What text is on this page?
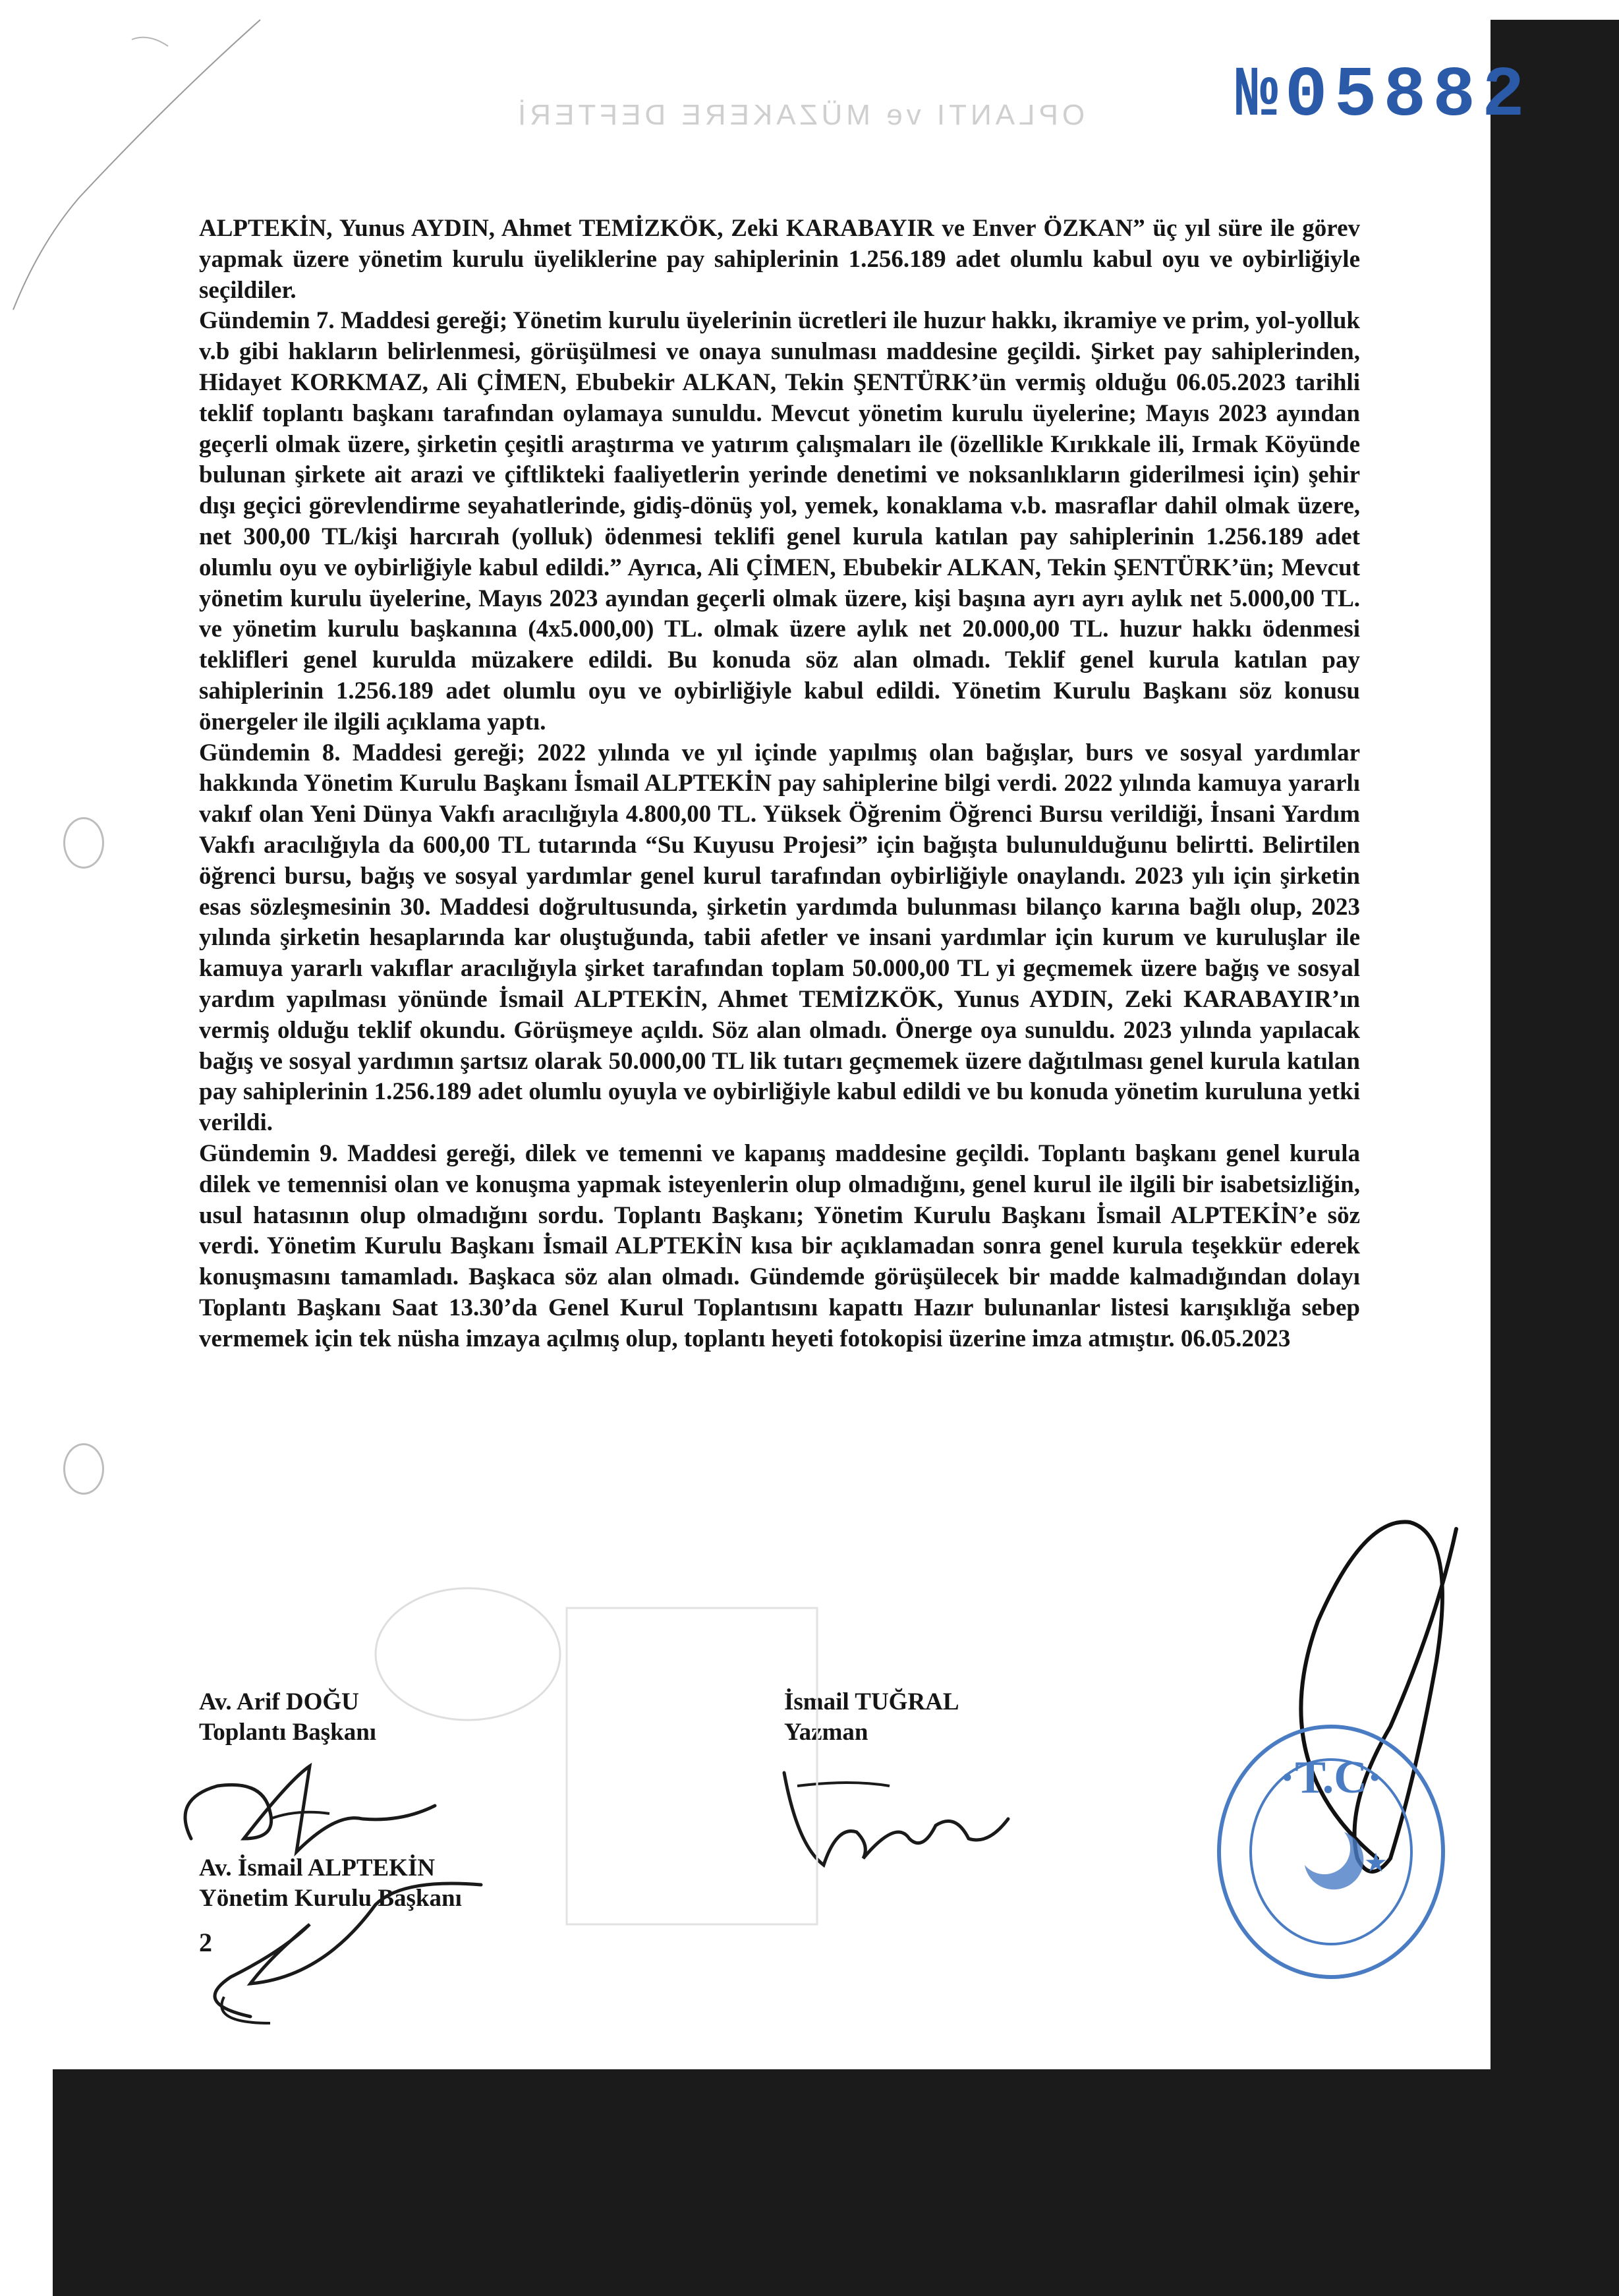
OPLANTI ve MÜZAKERE DEFTERİ №05882

ALPTEKİN, Yunus AYDIN, Ahmet TEMİZKÖK, Zeki KARABAYIR ve Enver ÖZKAN” üç yıl süre ile görev yapmak üzere yönetim kurulu üyeliklerine pay sahiplerinin 1.256.189 adet olumlu kabul oyu ve oybirliğiyle seçildiler.

Gündemin 7. Maddesi gereği; Yönetim kurulu üyelerinin ücretleri ile huzur hakkı, ikramiye ve prim, yol-yolluk v.b gibi hakların belirlenmesi, görüşülmesi ve onaya sunulması maddesine geçildi. Şirket pay sahiplerinden, Hidayet KORKMAZ, Ali ÇİMEN, Ebubekir ALKAN, Tekin ŞENTÜRK’ün vermiş olduğu 06.05.2023 tarihli teklif toplantı başkanı tarafından oylamaya sunuldu. Mevcut yönetim kurulu üyelerine; Mayıs 2023 ayından geçerli olmak üzere, şirketin çeşitli araştırma ve yatırım çalışmaları ile (özellikle Kırıkkale ili, Irmak Köyünde bulunan şirkete ait arazi ve çiftlikteki faaliyetlerin yerinde denetimi ve noksanlıkların giderilmesi için) şehir dışı geçici görevlendirme seyahatlerinde, gidiş-dönüş yol, yemek, konaklama v.b. masraflar dahil olmak üzere, net 300,00 TL/kişi harcırah (yolluk) ödenmesi teklifi genel kurula katılan pay sahiplerinin 1.256.189 adet olumlu oyu ve oybirliğiyle kabul edildi.” Ayrıca, Ali ÇİMEN, Ebubekir ALKAN, Tekin ŞENTÜRK’ün; Mevcut yönetim kurulu üyelerine, Mayıs 2023 ayından geçerli olmak üzere, kişi başına ayrı ayrı aylık net 5.000,00 TL. ve yönetim kurulu başkanına (4x5.000,00) TL. olmak üzere aylık net 20.000,00 TL. huzur hakkı ödenmesi teklifleri genel kurulda müzakere edildi. Bu konuda söz alan olmadı. Teklif genel kurula katılan pay sahiplerinin 1.256.189 adet olumlu oyu ve oybirliğiyle kabul edildi. Yönetim Kurulu Başkanı söz konusu önergeler ile ilgili açıklama yaptı.

Gündemin 8. Maddesi gereği; 2022 yılında ve yıl içinde yapılmış olan bağışlar, burs ve sosyal yardımlar hakkında Yönetim Kurulu Başkanı İsmail ALPTEKİN pay sahiplerine bilgi verdi. 2022 yılında kamuya yararlı vakıf olan Yeni Dünya Vakfı aracılığıyla 4.800,00 TL. Yüksek Öğrenim Öğrenci Bursu verildiği, İnsani Yardım Vakfı aracılığıyla da 600,00 TL tutarında “Su Kuyusu Projesi” için bağışta bulunulduğunu belirtti. Belirtilen öğrenci bursu, bağış ve sosyal yardımlar genel kurul tarafından oybirliğiyle onaylandı. 2023 yılı için şirketin esas sözleşmesinin 30. Maddesi doğrultusunda, şirketin yardımda bulunması bilanço karına bağlı olup, 2023 yılında şirketin hesaplarında kar oluştuğunda, tabii afetler ve insani yardımlar için kurum ve kuruluşlar ile kamuya yararlı vakıflar aracılığıyla şirket tarafından toplam 50.000,00 TL yi geçmemek üzere bağış ve sosyal yardım yapılması yönünde İsmail ALPTEKİN, Ahmet TEMİZKÖK, Yunus AYDIN, Zeki KARABAYIR’ın vermiş olduğu teklif okundu. Görüşmeye açıldı. Söz alan olmadı. Önerge oya sunuldu. 2023 yılında yapılacak bağış ve sosyal yardımın şartsız olarak 50.000,00 TL lik tutarı geçmemek üzere dağıtılması genel kurula katılan pay sahiplerinin 1.256.189 adet olumlu oyuyla ve oybirliğiyle kabul edildi ve bu konuda yönetim kuruluna yetki verildi.

Gündemin 9. Maddesi gereği, dilek ve temenni ve kapanış maddesine geçildi. Toplantı başkanı genel kurula dilek ve temennisi olan ve konuşma yapmak isteyenlerin olup olmadığını, genel kurul ile ilgili bir isabetsizliğin, usul hatasının olup olmadığını sordu. Toplantı Başkanı; Yönetim Kurulu Başkanı İsmail ALPTEKİN’e söz verdi. Yönetim Kurulu Başkanı İsmail ALPTEKİN kısa bir açıklamadan sonra genel kurula teşekkür ederek konuşmasını tamamladı. Başkaca söz alan olmadı. Gündemde görüşülecek bir madde kalmadığından dolayı Toplantı Başkanı Saat 13.30’da Genel Kurul Toplantısını kapattı Hazır bulunanlar listesi karışıklığa sebep vermemek için tek nüsha imzaya açılmış olup, toplantı heyeti fotokopisi üzerine imza atmıştır. 06.05.2023

Av. Arif DOĞU
Toplantı Başkanı
İsmail TUĞRAL
Yazman
Av. İsmail ALPTEKİN
Yönetim Kurulu Başkanı
2
·T.C·
★
